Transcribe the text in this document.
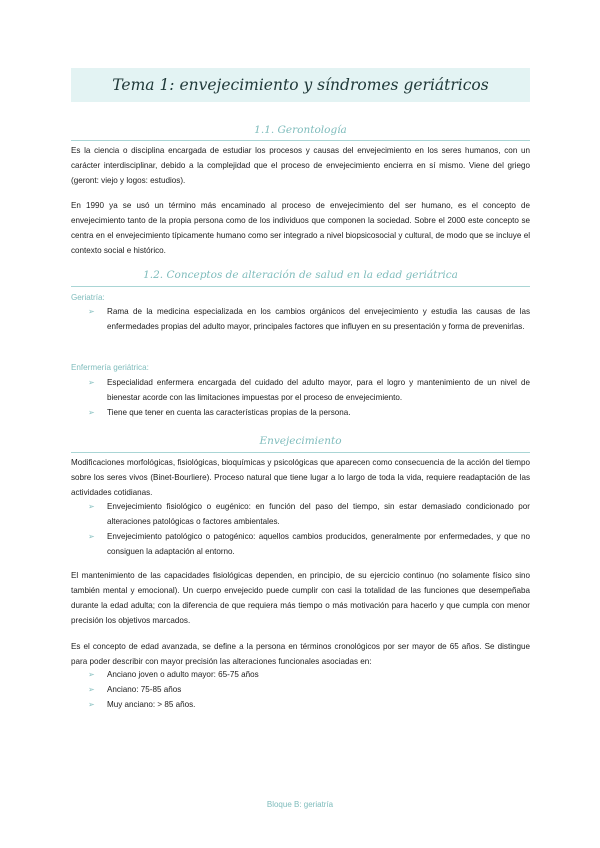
Tema 1: envejecimiento y síndromes geriátricos
1.1. Gerontología

Es la ciencia o disciplina encargada de estudiar los procesos y causas del envejecimiento en los seres humanos, con un carácter interdisciplinar, debido a la complejidad que el proceso de envejecimiento encierra en sí mismo. Viene del griego (geront: viejo y logos: estudios).

En 1990 ya se usó un término más encaminado al proceso de envejecimiento del ser humano, es el concepto de envejecimiento tanto de la propia persona como de los individuos que componen la sociedad. Sobre el 2000 este concepto se centra en el envejecimiento típicamente humano como ser integrado a nivel biopsicosocial y cultural, de modo que se incluye el contexto social e histórico.

1.2. Conceptos de alteración de salud en la edad geriátrica
Geriatría:
➢ Rama de la medicina especializada en los cambios orgánicos del envejecimiento y estudia las causas de las enfermedades propias del adulto mayor, principales factores que influyen en su presentación y forma de prevenirlas.
Enfermería geriátrica:
➢ Especialidad enfermera encargada del cuidado del adulto mayor, para el logro y mantenimiento de un nivel de bienestar acorde con las limitaciones impuestas por el proceso de envejecimiento.
➢ Tiene que tener en cuenta las características propias de la persona.
Envejecimiento

Modificaciones morfológicas, fisiológicas, bioquímicas y psicológicas que aparecen como consecuencia de la acción del tiempo sobre los seres vivos (Binet-Bourliere). Proceso natural que tiene lugar a lo largo de toda la vida, requiere readaptación de las actividades cotidianas.

➢ Envejecimiento fisiológico o eugénico: en función del paso del tiempo, sin estar demasiado condicionado por alteraciones patológicas o factores ambientales.
➢ Envejecimiento patológico o patogénico: aquellos cambios producidos, generalmente por enfermedades, y que no consiguen la adaptación al entorno.

El mantenimiento de las capacidades fisiológicas dependen, en principio, de su ejercicio continuo (no solamente físico sino también mental y emocional). Un cuerpo envejecido puede cumplir con casi la totalidad de las funciones que desempeñaba durante la edad adulta; con la diferencia de que requiera más tiempo o más motivación para hacerlo y que cumpla con menor precisión los objetivos marcados.

Es el concepto de edad avanzada, se define a la persona en términos cronológicos por ser mayor de 65 años. Se distingue para poder describir con mayor precisión las alteraciones funcionales asociadas en:

➢ Anciano joven o adulto mayor: 65-75 años
➢ Anciano: 75-85 años
➢ Muy anciano: > 85 años.
Bloque B: geriatría
